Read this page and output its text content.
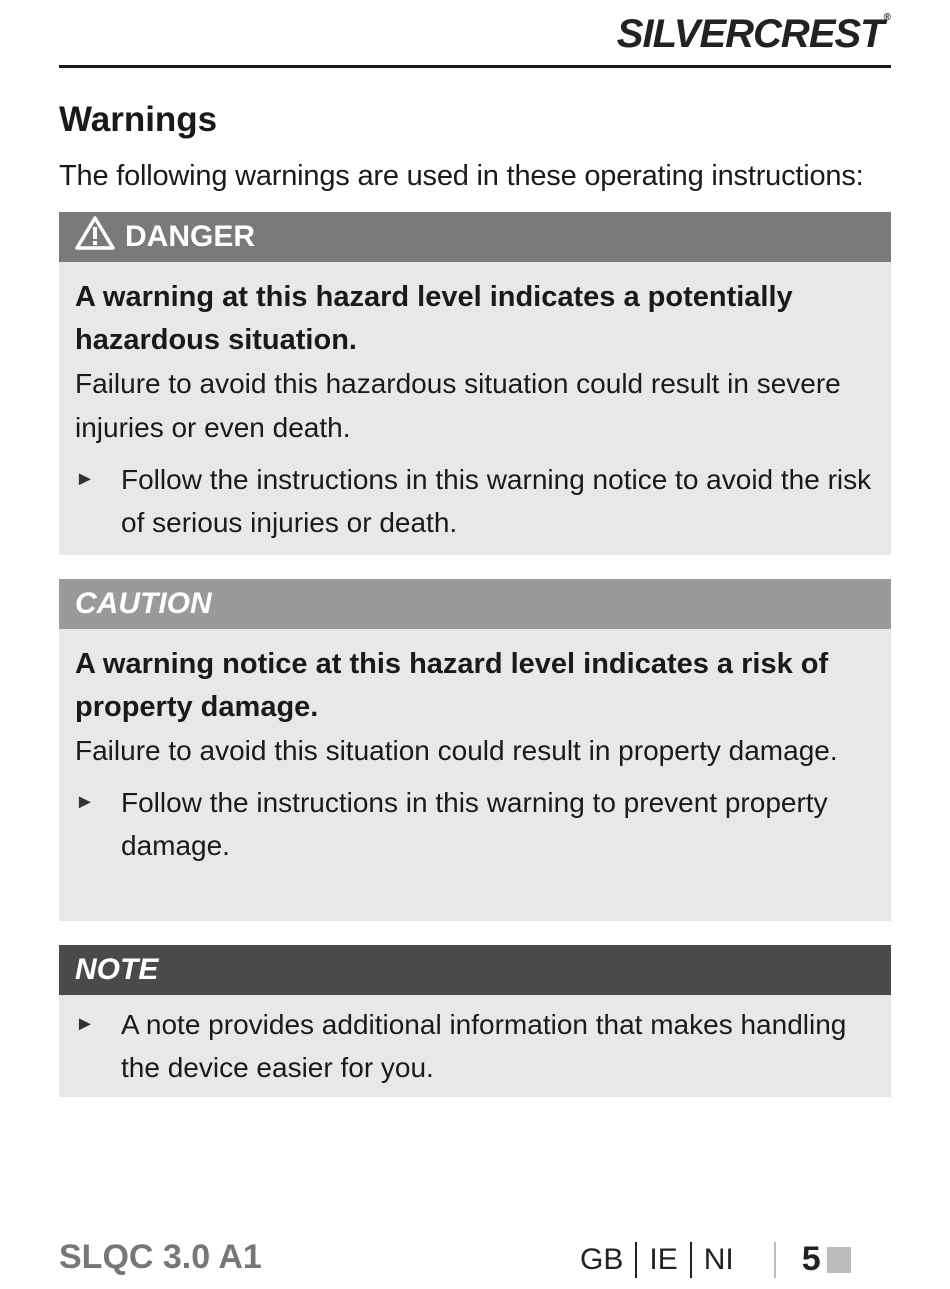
SILVERCREST®
Warnings

The following warnings are used in these operating instructions:

DANGER

A warning at this hazard level indicates a potentially hazardous situation.

Failure to avoid this hazardous situation could result in severe injuries or even death.

► Follow the instructions in this warning notice to avoid the risk of serious injuries or death.
CAUTION

A warning notice at this hazard level indicates a risk of property damage.

Failure to avoid this situation could result in property damage.

► Follow the instructions in this warning to prevent property damage.
NOTE
► A note provides additional information that makes handling the device easier for you.
SLQC 3.0 A1	GB IE NI 5
